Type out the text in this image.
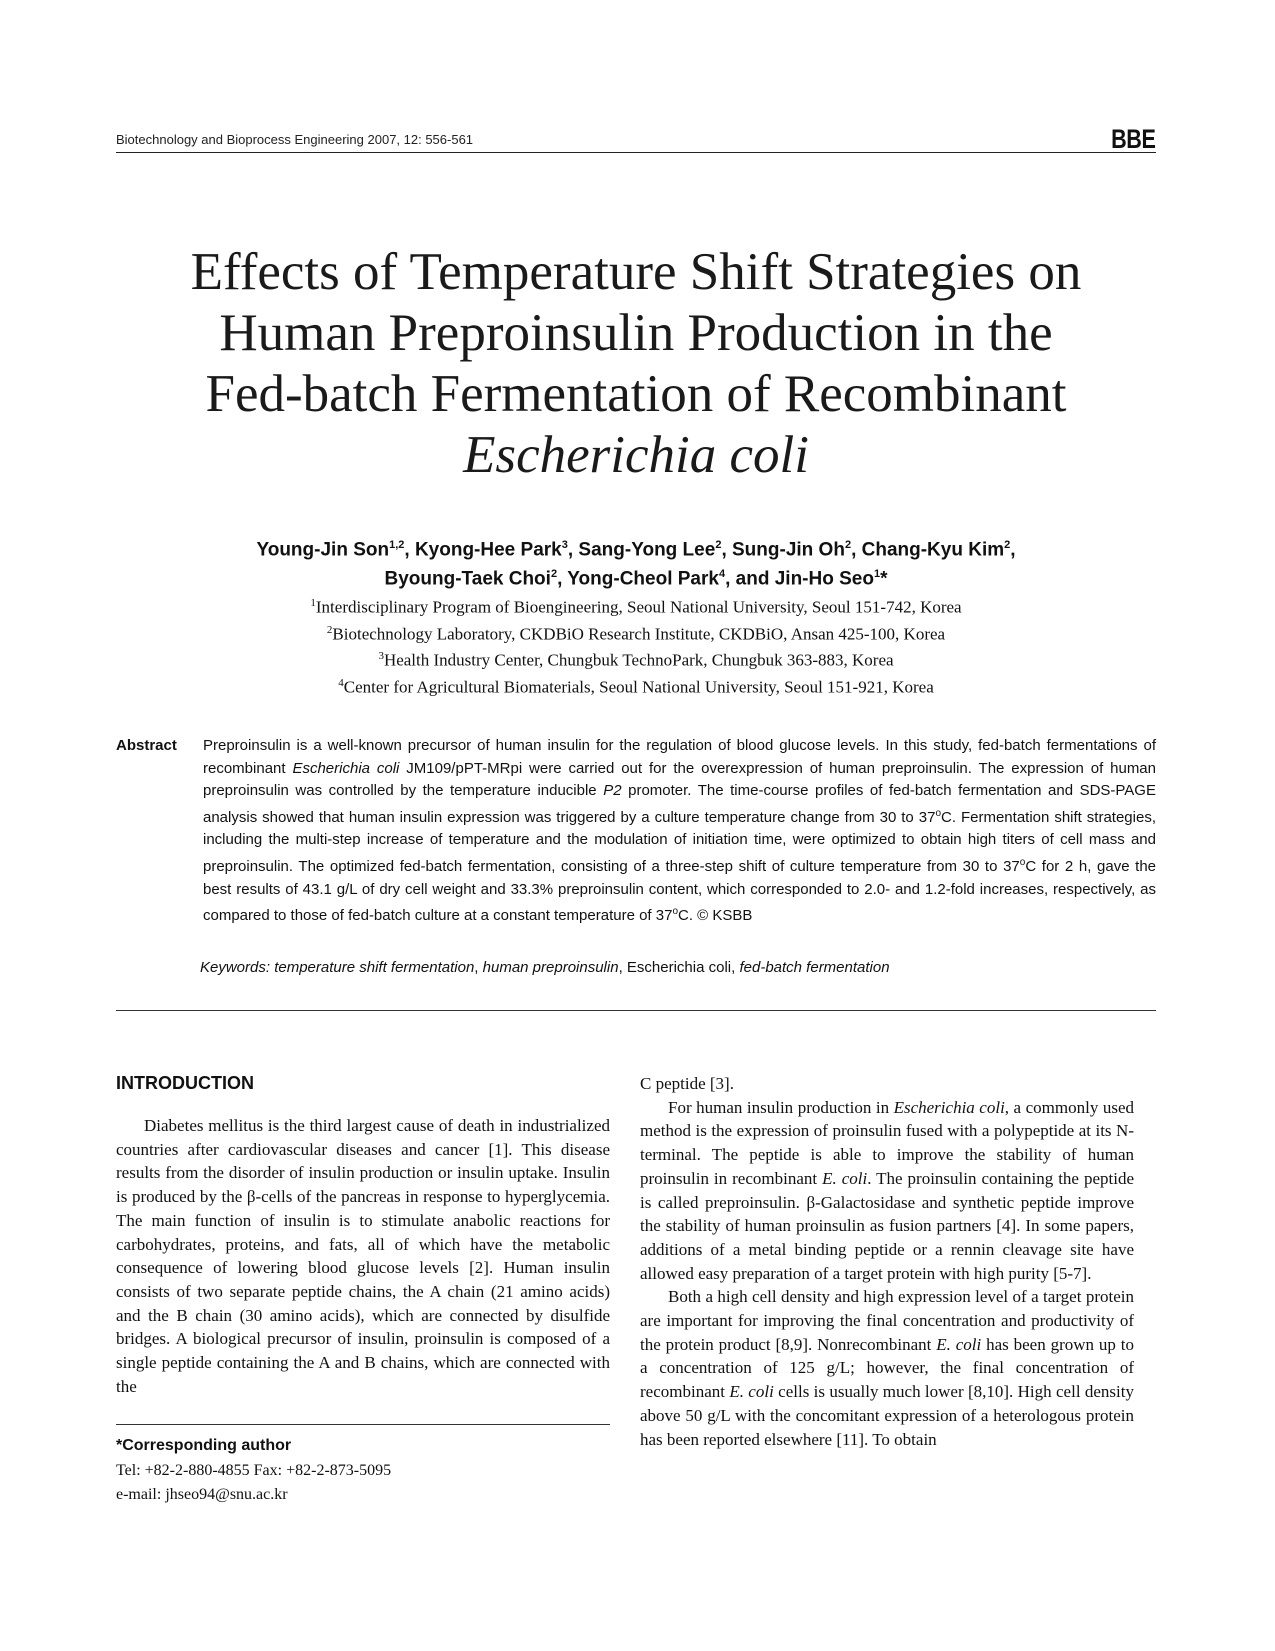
Biotechnology and Bioprocess Engineering 2007, 12: 556-561	BBE
Effects of Temperature Shift Strategies on
Human Preproinsulin Production in the
Fed-batch Fermentation of Recombinant
Escherichia coli
Young-Jin Son$^{1,2}$, Kyong-Hee Park$^3$, Sang-Yong Lee$^2$, Sung-Jin Oh$^2$, Chang-Kyu Kim$^2$,
Byoung-Taek Choi$^2$, Yong-Cheol Park$^4$, and Jin-Ho Seo$^1$*
$^1$Interdisciplinary Program of Bioengineering, Seoul National University, Seoul 151-742, Korea
$^2$Biotechnology Laboratory, CKDBiO Research Institute, CKDBiO, Ansan 425-100, Korea
$^3$Health Industry Center, Chungbuk TechnoPark, Chungbuk 363-883, Korea
$^4$Center for Agricultural Biomaterials, Seoul National University, Seoul 151-921, Korea
Abstract Preproinsulin is a well-known precursor of human insulin for the regulation of blood glucose levels. In this study, fed-batch fermentations of recombinant Escherichia coli JM109/pPT-MRpi were carried out for the overexpression of human preproinsulin. The expression of human preproinsulin was controlled by the temperature inducible P2 promoter. The time-course profiles of fed-batch fermentation and SDS-PAGE analysis showed that human insulin expression was triggered by a culture temperature change from 30 to 37$^o$C. Fermentation shift strategies, including the multi-step increase of temperature and the modulation of initiation time, were optimized to obtain high titers of cell mass and preproinsulin. The optimized fed-batch fermentation, consisting of a three-step shift of culture temperature from 30 to 37$^o$C for 2 h, gave the best results of 43.1 g/L of dry cell weight and 33.3% preproinsulin content, which corresponded to 2.0- and 1.2-fold increases, respectively, as compared to those of fed-batch culture at a constant temperature of 37$^o$C. © KSBB
Keywords: temperature shift fermentation, human preproinsulin, Escherichia coli, fed-batch fermentation
INTRODUCTION

Diabetes mellitus is the third largest cause of death in industrialized countries after cardiovascular diseases and cancer [1]. This disease results from the disorder of insulin production or insulin uptake. Insulin is produced by the β-cells of the pancreas in response to hyperglycemia. The main function of insulin is to stimulate anabolic reactions for carbohydrates, proteins, and fats, all of which have the metabolic consequence of lowering blood glucose levels [2]. Human insulin consists of two separate peptide chains, the A chain (21 amino acids) and the B chain (30 amino acids), which are connected by disulfide bridges. A biological precursor of insulin, proinsulin is composed of a single peptide containing the A and B chains, which are connected with the

C peptide [3].

For human insulin production in Escherichia coli, a commonly used method is the expression of proinsulin fused with a polypeptide at its N-terminal. The peptide is able to improve the stability of human proinsulin in recombinant E. coli. The proinsulin containing the peptide is called preproinsulin. β-Galactosidase and synthetic peptide improve the stability of human proinsulin as fusion partners [4]. In some papers, additions of a metal binding peptide or a rennin cleavage site have allowed easy preparation of a target protein with high purity [5-7].

Both a high cell density and high expression level of a target protein are important for improving the final concentration and productivity of the protein product [8,9]. Nonrecombinant E. coli has been grown up to a concentration of 125 g/L; however, the final concentration of recombinant E. coli cells is usually much lower [8,10]. High cell density above 50 g/L with the concomitant expression of a heterologous protein has been reported elsewhere [11]. To obtain

*Corresponding author
Tel: +82-2-880-4855 Fax: +82-2-873-5095
e-mail: jhseo94@snu.ac.kr
